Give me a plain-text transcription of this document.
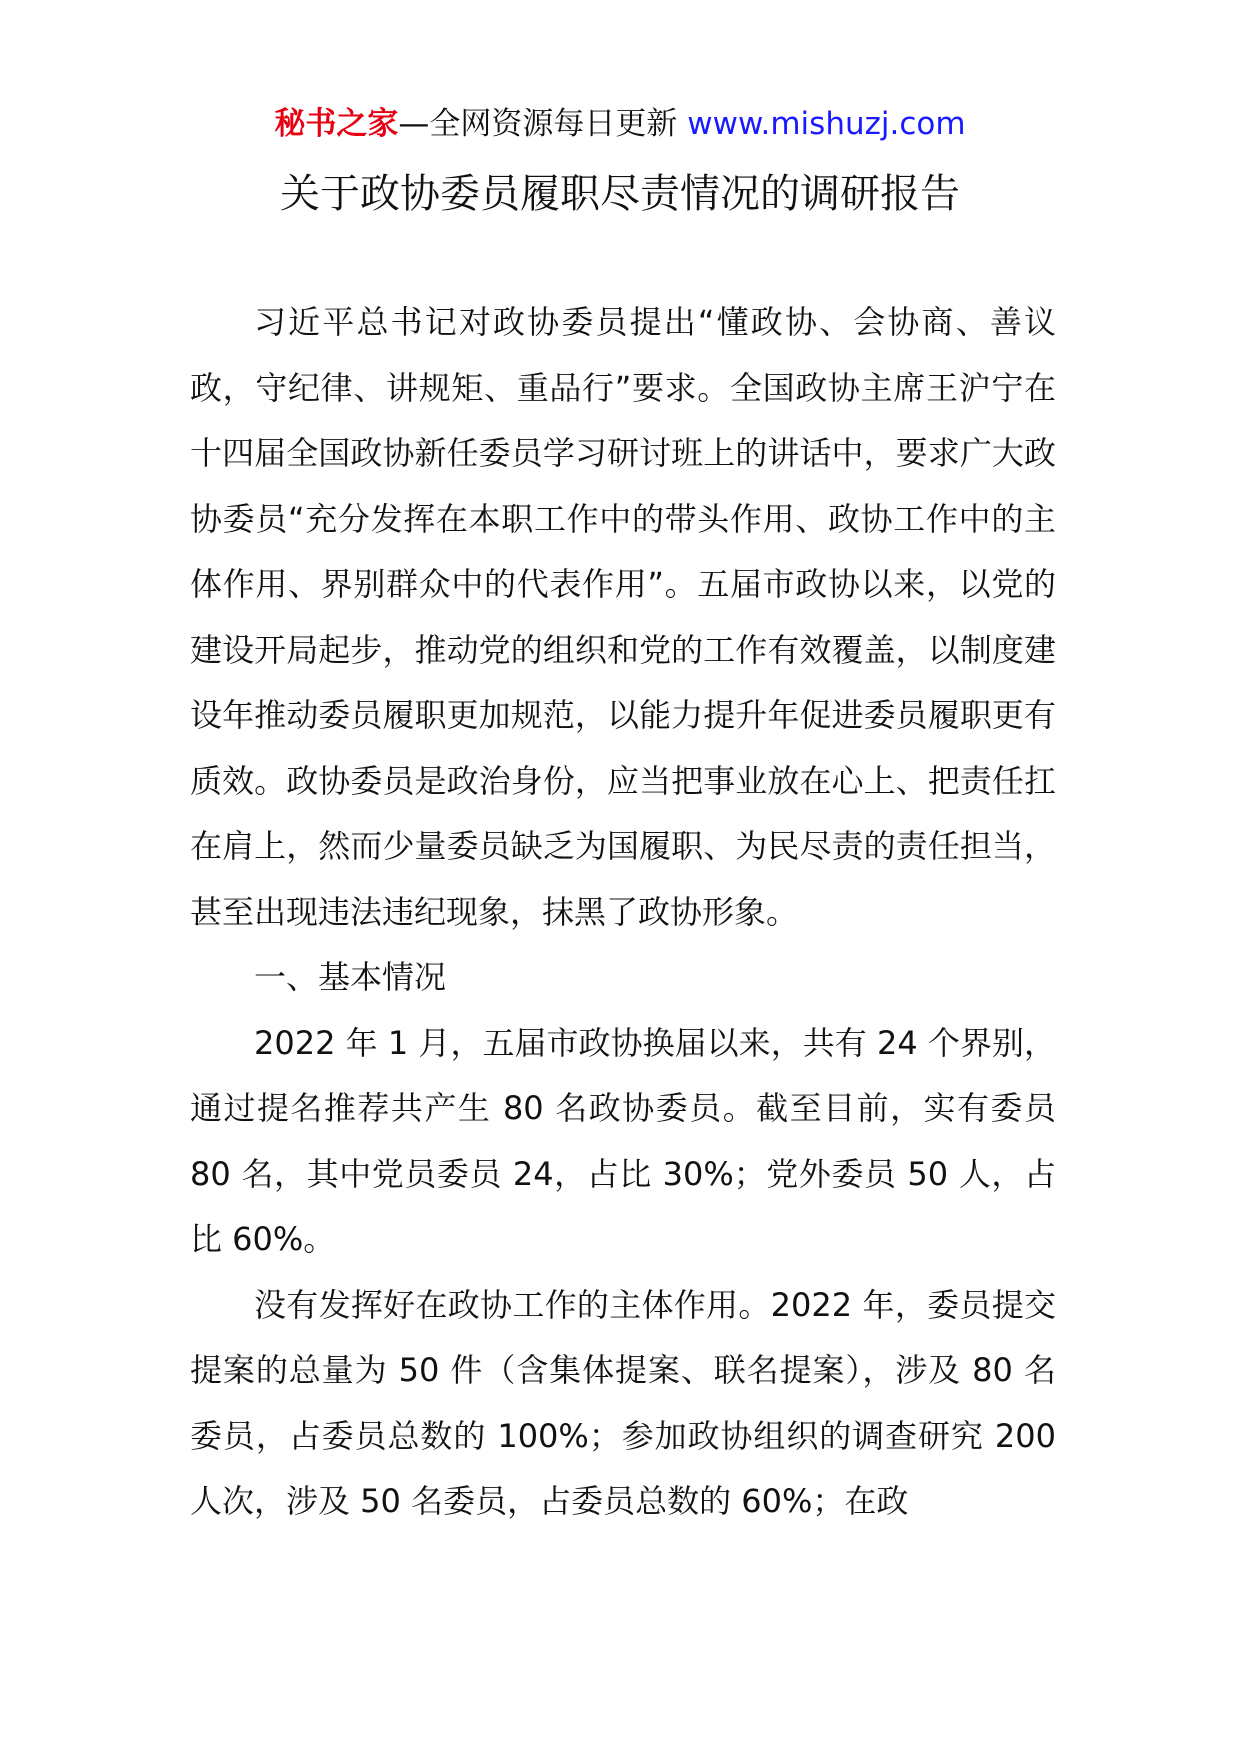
秘书之家—全网资源每日更新 www.mishuzj.com
关于政协委员履职尽责情况的调研报告

习近平总书记对政协委员提出“懂政协、会协商、善议政，守纪律、讲规矩、重品行”要求。全国政协主席王沪宁在十四届全国政协新任委员学习研讨班上的讲话中，要求广大政协委员“充分发挥在本职工作中的带头作用、政协工作中的主体作用、界别群众中的代表作用”。五届市政协以来，以党的建设开局起步，推动党的组织和党的工作有效覆盖，以制度建设年推动委员履职更加规范，以能力提升年促进委员履职更有质效。政协委员是政治身份，应当把事业放在心上、把责任扛在肩上，然而少量委员缺乏为国履职、为民尽责的责任担当，甚至出现违法违纪现象，抹黑了政协形象。

一、基本情况

2022 年 1 月，五届市政协换届以来，共有 24 个界别，通过提名推荐共产生 80 名政协委员。截至目前，实有委员 80 名，其中党员委员 24，占比 30%；党外委员 50 人，占比 60%。

没有发挥好在政协工作的主体作用。2022 年，委员提交提案的总量为 50 件（含集体提案、联名提案），涉及 80 名委员，占委员总数的 100%；参加政协组织的调查研究 200 人次，涉及 50 名委员，占委员总数的 60%；在政
